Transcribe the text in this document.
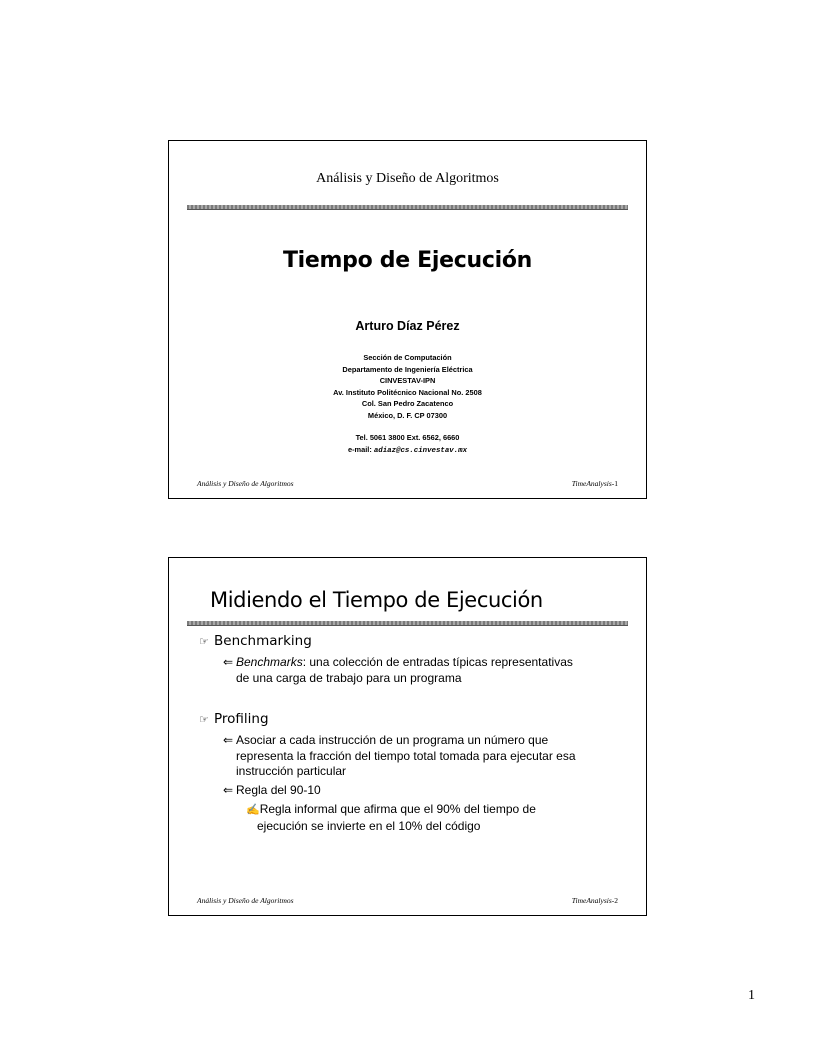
Análisis y Diseño de Algoritmos
Tiempo de Ejecución
Arturo Díaz Pérez
Sección de Computación
Departamento de Ingeniería Eléctrica
CINVESTAV-IPN
Av. Instituto Politécnico Nacional No. 2508
Col. San Pedro Zacatenco
México, D. F. CP 07300
Tel. 5061 3800 Ext. 6562, 6660
e-mail: adiaz@cs.cinvestav.mx
Análisis y Diseño de Algoritmos	TimeAnalysis-1
Midiendo el Tiempo de Ejecución
☞ Benchmarking
⇐ Benchmarks: una colección de entradas típicas representativas
de una carga de trabajo para un programa
☞ Profiling
⇐ Asociar a cada instrucción de un programa un número que
representa la fracción del tiempo total tomada para ejecutar esa
instrucción particular
⇐ Regla del 90-10
✍Regla informal que afirma que el 90% del tiempo de
ejecución se invierte en el 10% del código
Análisis y Diseño de Algoritmos	TimeAnalysis-2
1
